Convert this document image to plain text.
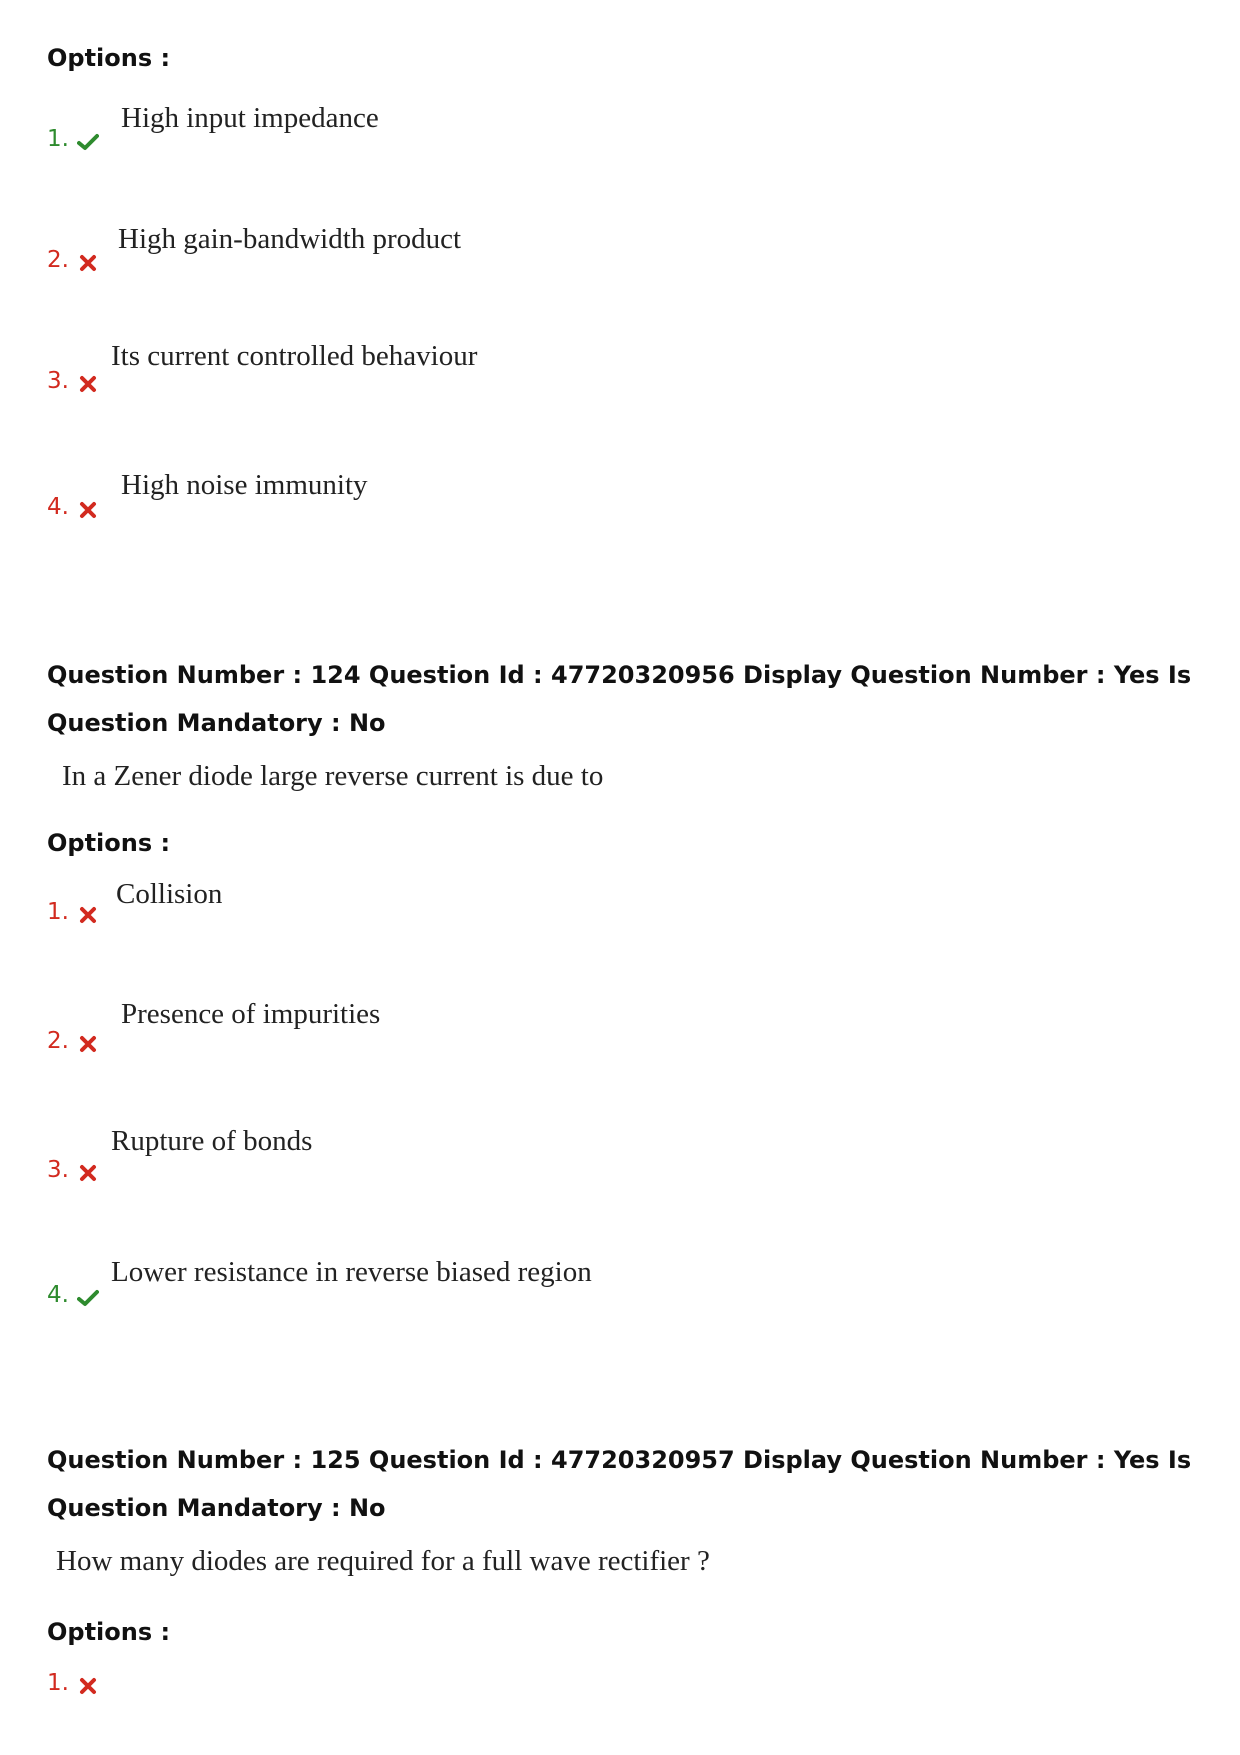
Options :
1.
High input impedance
2.
High gain-bandwidth product
3.
Its current controlled behaviour
4.
High noise immunity
Question Number : 124 Question Id : 47720320956 Display Question Number : Yes Is Question Mandatory : No
In a Zener diode large reverse current is due to
Options :
1.
Collision
2.
Presence of impurities
3.
Rupture of bonds
4.
Lower resistance in reverse biased region
Question Number : 125 Question Id : 47720320957 Display Question Number : Yes Is Question Mandatory : No
How many diodes are required for a full wave rectifier ?
Options :
1.
